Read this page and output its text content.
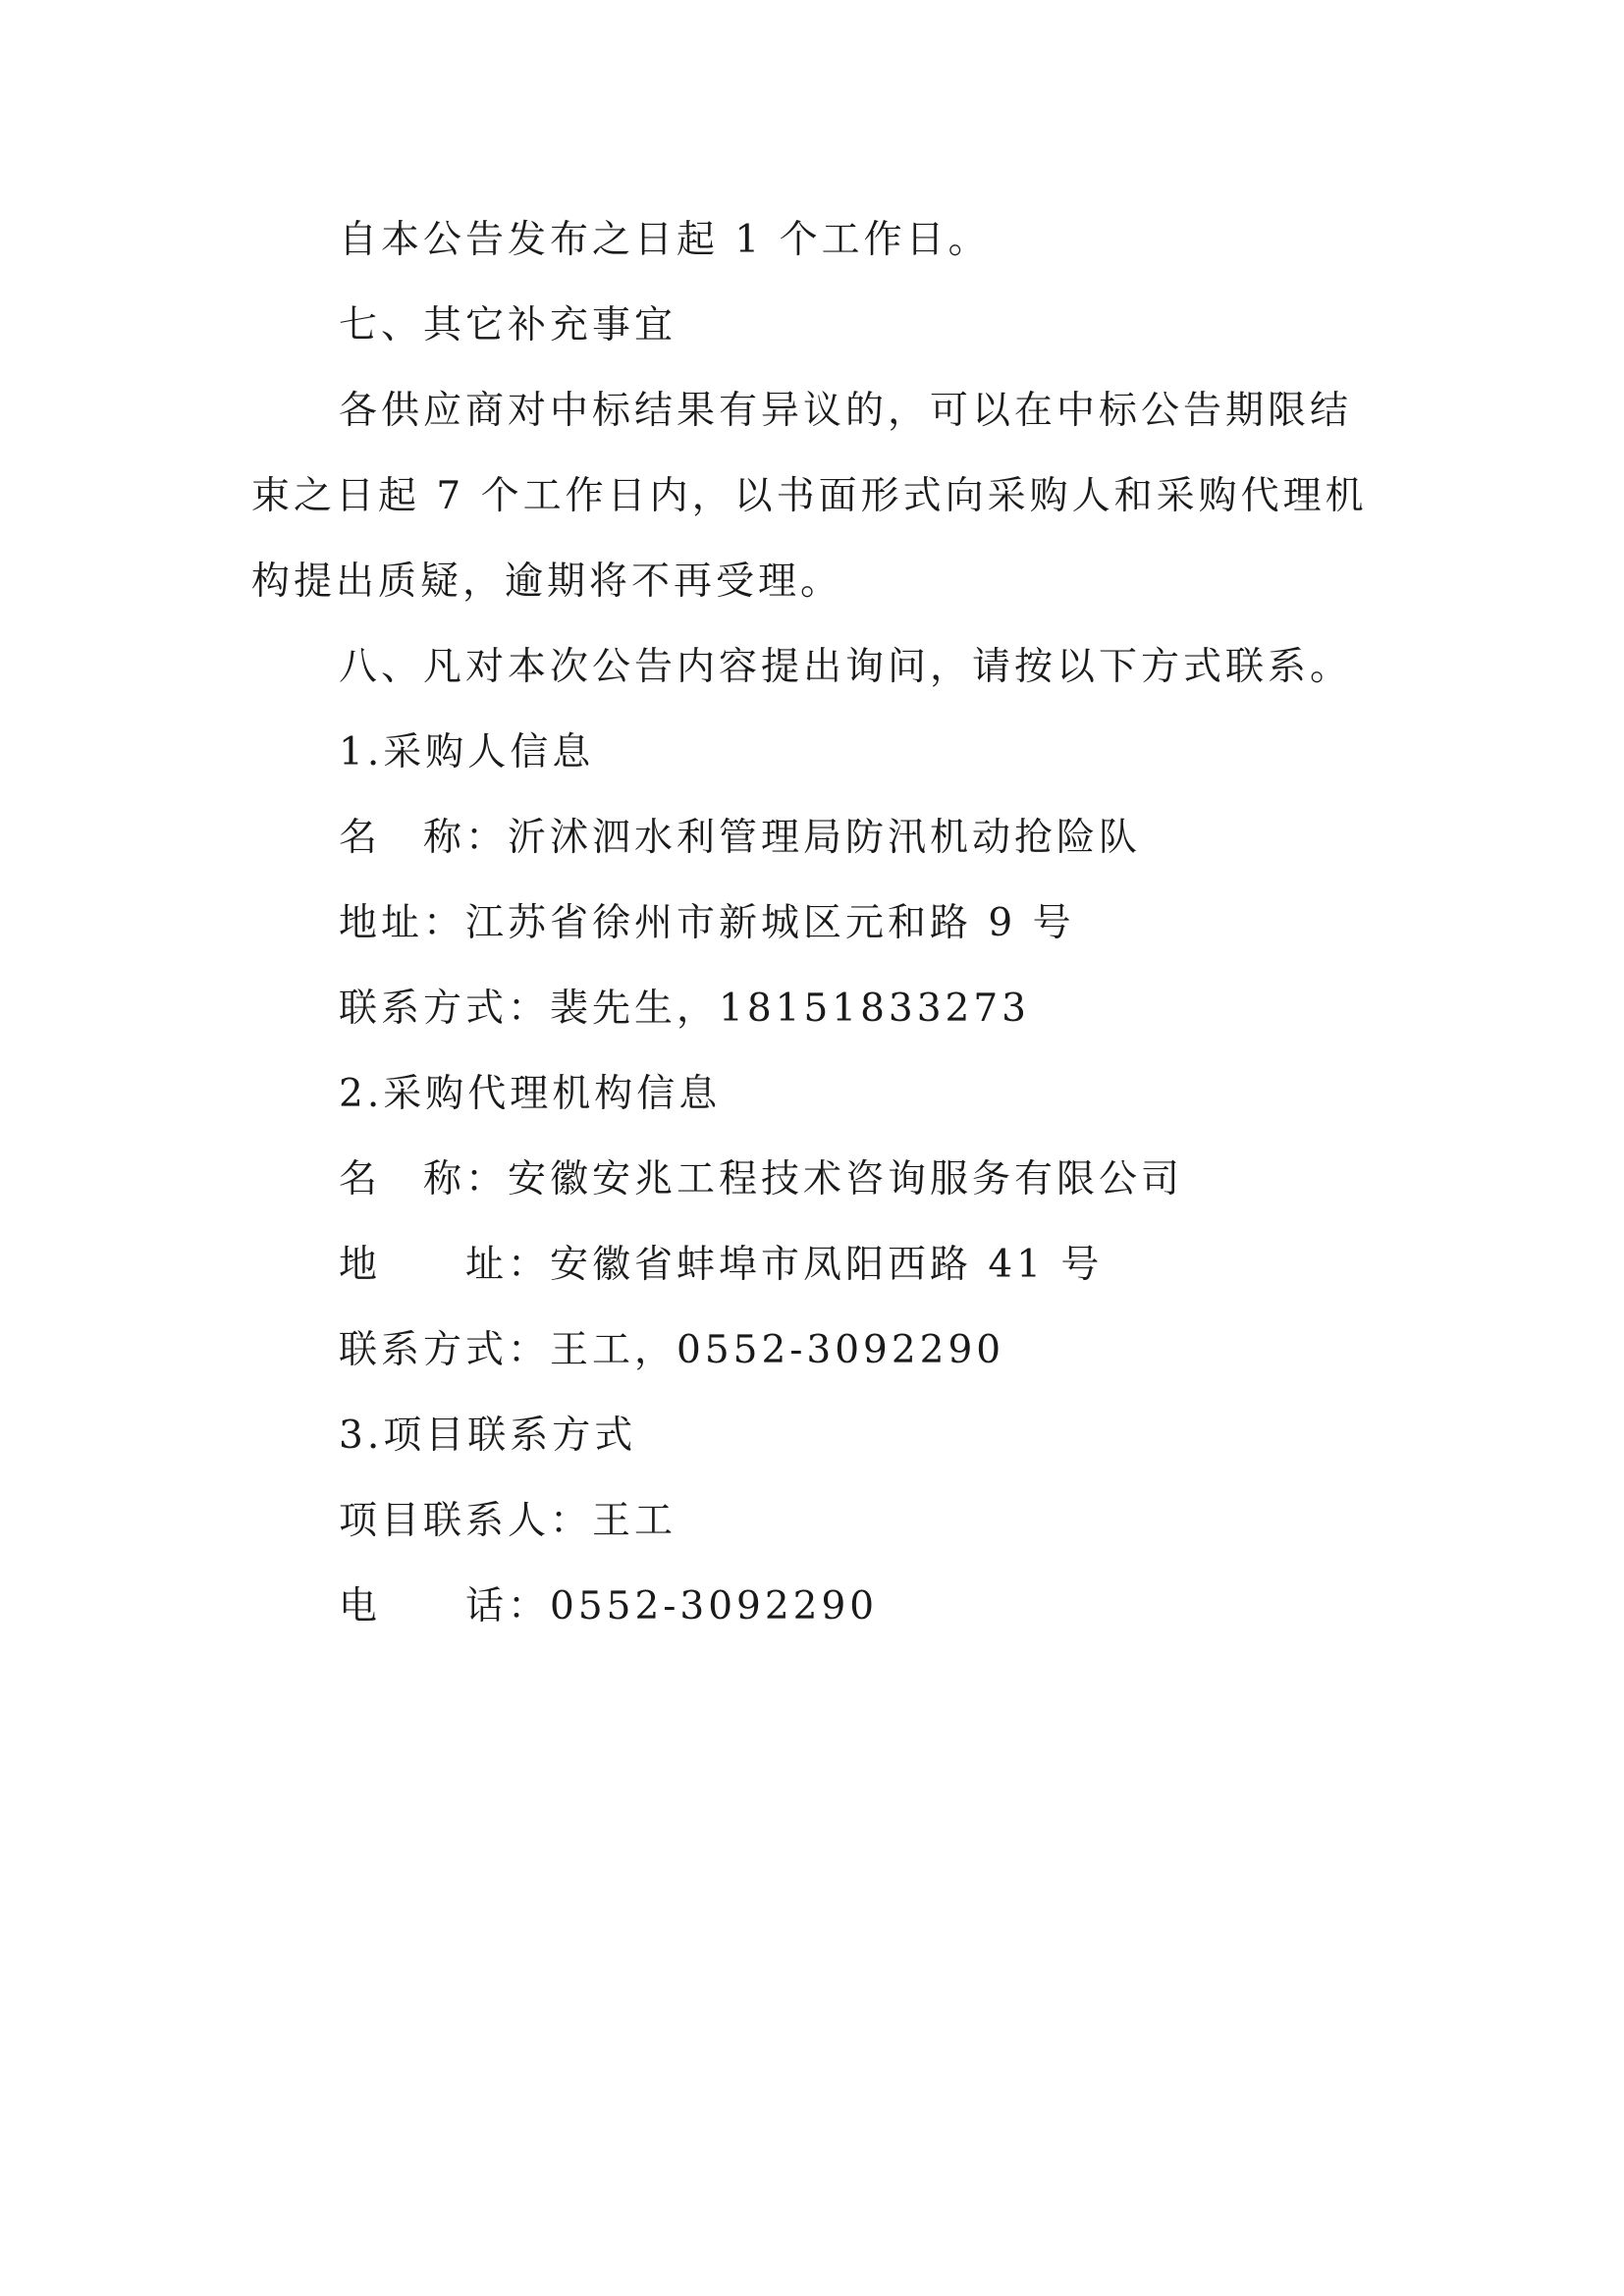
自本公告发布之日起 1 个工作日。
七、其它补充事宜
各供应商对中标结果有异议的，可以在中标公告期限结
束之日起 7 个工作日内，以书面形式向采购人和采购代理机
构提出质疑，逾期将不再受理。
八、凡对本次公告内容提出询问，请按以下方式联系。
1.采购人信息
名　称：沂沭泗水利管理局防汛机动抢险队
地址：江苏省徐州市新城区元和路 9 号
联系方式：裴先生，18151833273
2.采购代理机构信息
名　称：安徽安兆工程技术咨询服务有限公司
地　　址：安徽省蚌埠市凤阳西路 41 号
联系方式：王工，0552-3092290
3.项目联系方式
项目联系人：王工
电　　话：0552-3092290
